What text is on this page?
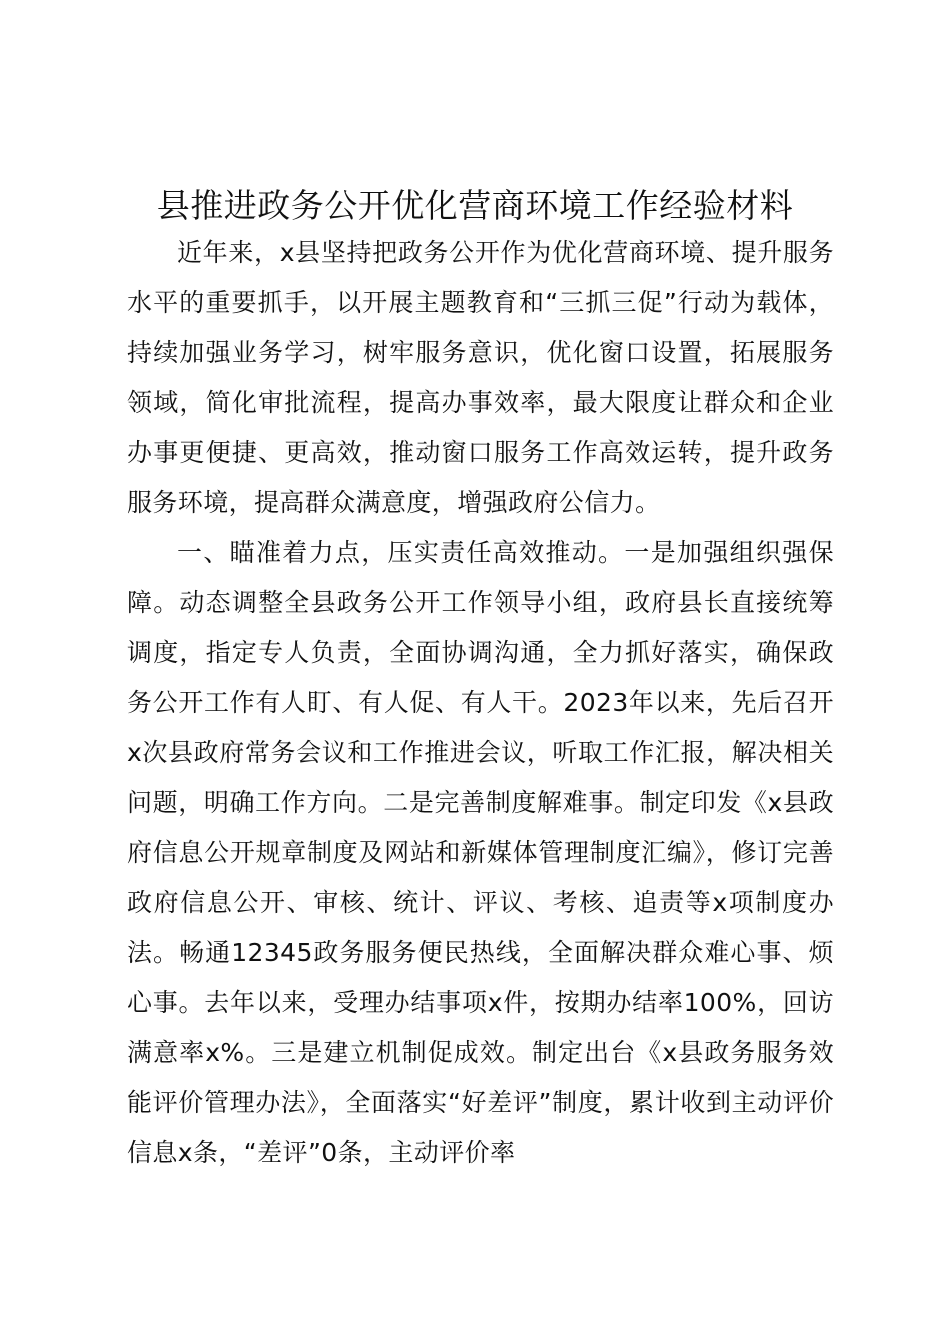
县推进政务公开优化营商环境工作经验材料

近年来，x县坚持把政务公开作为优化营商环境、提升服务水平的重要抓手，以开展主题教育和“三抓三促”行动为载体，持续加强业务学习，树牢服务意识，优化窗口设置，拓展服务领域，简化审批流程，提高办事效率，最大限度让群众和企业办事更便捷、更高效，推动窗口服务工作高效运转，提升政务服务环境，提高群众满意度，增强政府公信力。

一、瞄准着力点，压实责任高效推动。一是加强组织强保障。动态调整全县政务公开工作领导小组，政府县长直接统筹调度，指定专人负责，全面协调沟通，全力抓好落实，确保政务公开工作有人盯、有人促、有人干。2023年以来，先后召开x次县政府常务会议和工作推进会议，听取工作汇报，解决相关问题，明确工作方向。二是完善制度解难事。制定印发《x县政府信息公开规章制度及网站和新媒体管理制度汇编》，修订完善政府信息公开、审核、统计、评议、考核、追责等x项制度办法。畅通12345政务服务便民热线，全面解决群众难心事、烦心事。去年以来，受理办结事项x件，按期办结率100%，回访满意率x%。三是建立机制促成效。制定出台《x县政务服务效能评价管理办法》，全面落实“好差评”制度，累计收到主动评价信息x条，“差评”0条，主动评价率
